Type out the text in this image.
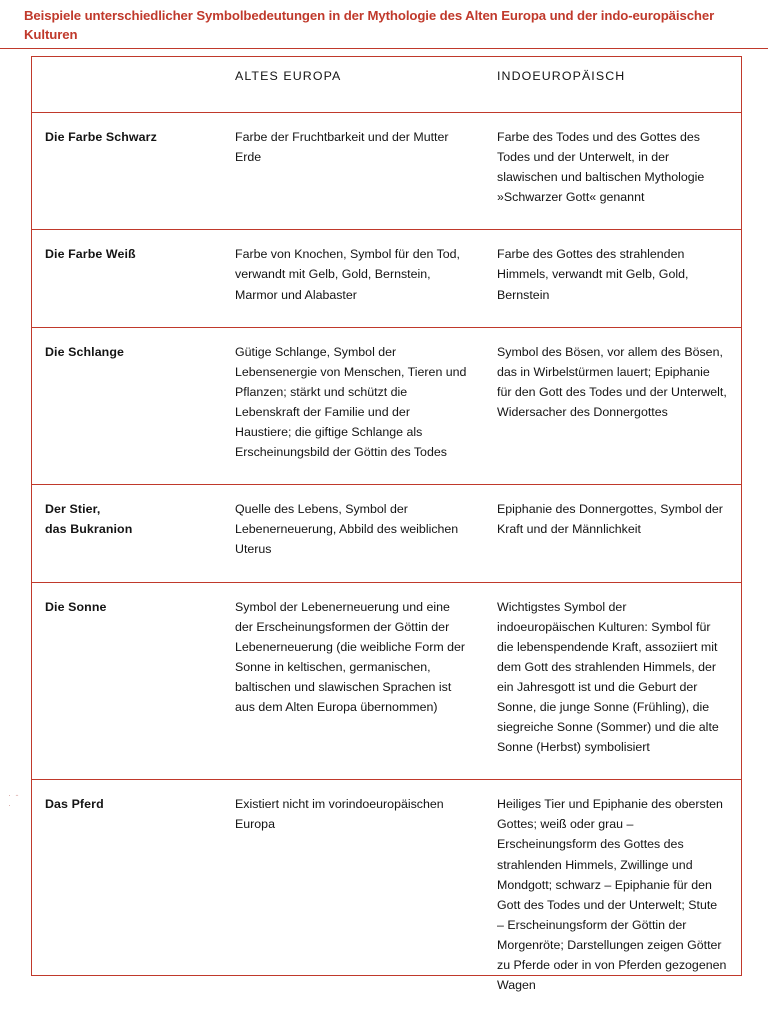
Beispiele unterschiedlicher Symbolbedeutungen in der Mythologie des Alten Europa und der indo-europäischer Kulturen
· - ·
	ALTES EUROPA	INDOEUROPÄISCH
Die Farbe Schwarz	Farbe der Fruchtbarkeit und der Mutter Erde	Farbe des Todes und des Gottes des Todes und der Unterwelt, in der slawischen und baltischen Mythologie »Schwarzer Gott« genannt
Die Farbe Weiß	Farbe von Knochen, Symbol für den Tod, verwandt mit Gelb, Gold, Bernstein, Marmor und Alabaster	Farbe des Gottes des strahlenden Himmels, verwandt mit Gelb, Gold, Bernstein
Die Schlange	Gütige Schlange, Symbol der Lebensenergie von Menschen, Tieren und Pflanzen; stärkt und schützt die Lebenskraft der Familie und der Haustiere; die giftige Schlange als Erscheinungsbild der Göttin des Todes	Symbol des Bösen, vor allem des Bösen, das in Wirbelstürmen lauert; Epiphanie für den Gott des Todes und der Unterwelt, Widersacher des Donnergottes

Der Stier,
das Bukranion	Quelle des Lebens, Symbol der Lebenerneuerung, Abbild des weiblichen Uterus	Epiphanie des Donnergottes, Symbol der Kraft und der Männlichkeit
Die Sonne	Symbol der Lebenerneuerung und eine der Erscheinungsformen der Göttin der Lebenerneuerung (die weibliche Form der Sonne in keltischen, germanischen, baltischen und slawischen Sprachen ist aus dem Alten Europa übernommen)	Wichtigstes Symbol der indoeuropäischen Kulturen: Symbol für die lebenspendende Kraft, assoziiert mit dem Gott des strahlenden Himmels, der ein Jahresgott ist und die Geburt der Sonne, die junge Sonne (Frühling), die siegreiche Sonne (Sommer) und die alte Sonne (Herbst) symbolisiert
Das Pferd	Existiert nicht im vorindoeuropäischen Europa	Heiliges Tier und Epiphanie des obersten Gottes; weiß oder grau – Erscheinungsform des Gottes des strahlenden Himmels, Zwillinge und Mondgott; schwarz – Epiphanie für den Gott des Todes und der Unterwelt; Stute – Erscheinungsform der Göttin der Morgenröte; Darstellungen zeigen Götter zu Pferde oder in von Pferden gezogenen Wagen
